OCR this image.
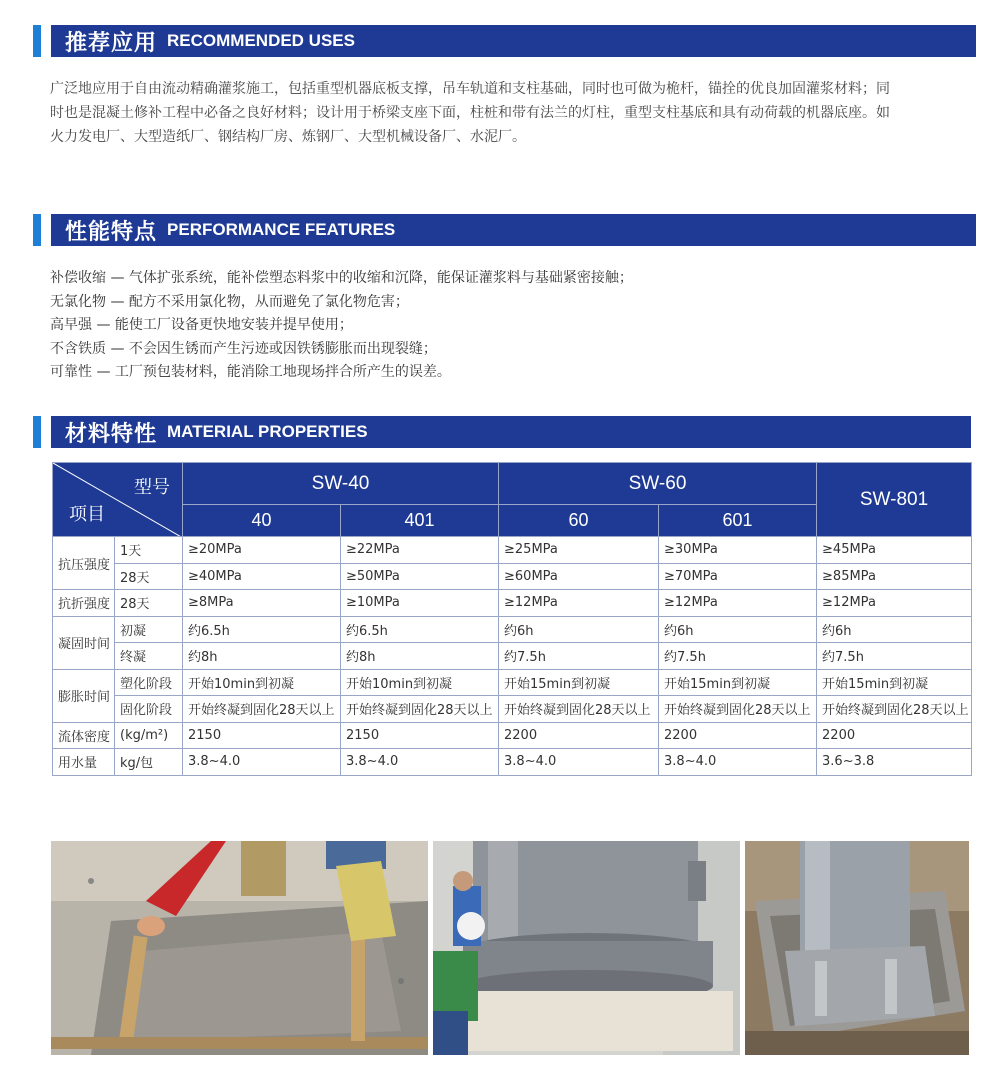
推荐应用 RECOMMENDED USES
广泛地应用于自由流动精确灌浆施工，包括重型机器底板支撑，吊车轨道和支柱基础，同时也可做为桅杆，锚拴的优良加固灌浆材料；同
时也是混凝土修补工程中必备之良好材料；设计用于桥梁支座下面，柱桩和带有法兰的灯柱，重型支柱基底和具有动荷载的机器底座。如
火力发电厂、大型造纸厂、钢结构厂房、炼钢厂、大型机械设备厂、水泥厂。
性能特点 PERFORMANCE FEATURES
补偿收缩 — 气体扩张系统，能补偿塑态料浆中的收缩和沉降，能保证灌浆料与基础紧密接触；
无氯化物 — 配方不采用氯化物，从而避免了氯化物危害；
高早强 — 能使工厂设备更快地安装并提早使用；
不含铁质 — 不会因生锈而产生污迹或因铁锈膨胀而出现裂缝；
可靠性 — 工厂预包装材料，能消除工地现场拌合所产生的误差。
材料特性 MATERIAL PROPERTIES
型号
项目		SW-40		SW-60		SW-801
		40	401	60	601	
抗压强度	1天	≥20MPa	≥22MPa	≥25MPa	≥30MPa	≥45MPa
	28天	≥40MPa	≥50MPa	≥60MPa	≥70MPa	≥85MPa
抗折强度	28天	≥8MPa	≥10MPa	≥12MPa	≥12MPa	≥12MPa
凝固时间	初凝	约6.5h	约6.5h	约6h	约6h	约6h
	终凝	约8h	约8h	约7.5h	约7.5h	约7.5h
膨胀时间	塑化阶段	开始10min到初凝	开始10min到初凝	开始15min到初凝	开始15min到初凝	开始15min到初凝
	固化阶段	开始终凝到固化28天以上	开始终凝到固化28天以上	开始终凝到固化28天以上	开始终凝到固化28天以上	开始终凝到固化28天以上
流体密度	(kg/m²)	2150	2150	2200	2200	2200
用水量	kg/包	3.8~4.0	3.8~4.0	3.8~4.0	3.8~4.0	3.6~3.8
